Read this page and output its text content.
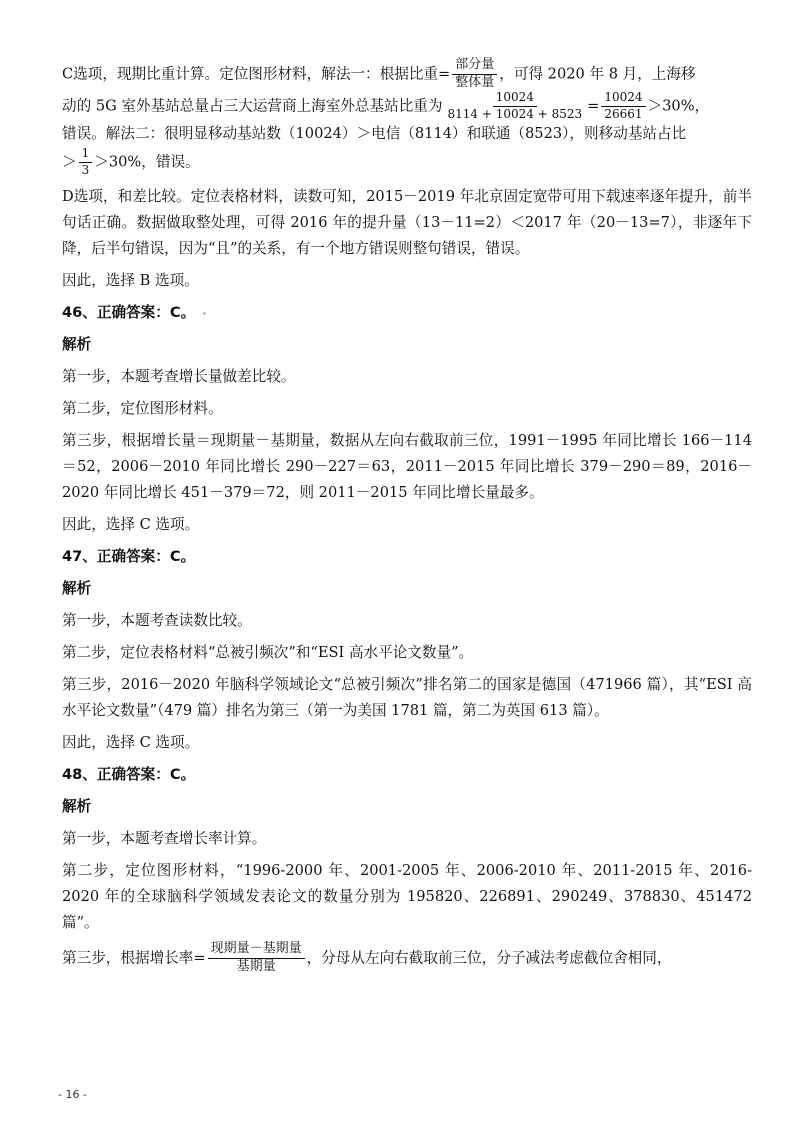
C选项，现期比重计算。定位图形材料，解法一：根据比重= $\frac{\text{部分量}}{\text{整体量}}$ ，可得 2020 年 8 月，上海移
动的 5G 室外基站总量占三大运营商上海室外总基站比重为 $\frac{10024}{8114 + 10024 + 8523} = \frac{10024}{26661} >30\%$，
错误。解法二：很明显移动基站数（10024）＞电信（8114）和联通（8523），则移动基站占比
＞ $\frac{1}{3} >30\%$，错误。

D选项，和差比较。定位表格材料，读数可知，2015－2019 年北京固定宽带可用下载速率逐年提升，前半句话正确。数据做取整处理，可得 2016 年的提升量（13－11=2）＜2017 年（20－13=7），非逐年下降，后半句错误，因为“且”的关系，有一个地方错误则整句错误，错误。

因此，选择 B 选项。

46、正确答案：C。

解析

第一步，本题考查增长量做差比较。

第二步，定位图形材料。

第三步，根据增长量＝现期量－基期量，数据从左向右截取前三位，1991－1995 年同比增长 166－114＝52，2006－2010 年同比增长 290－227＝63，2011－2015 年同比增长 379－290＝89，2016－2020 年同比增长 451－379＝72，则 2011－2015 年同比增长量最多。

因此，选择 C 选项。

47、正确答案：C。

解析

第一步，本题考查读数比较。

第二步，定位表格材料“总被引频次”和“ESI 高水平论文数量”。

第三步，2016－2020 年脑科学领域论文“总被引频次”排名第二的国家是德国（471966 篇），其“ESI 高水平论文数量”（479 篇）排名为第三（第一为美国 1781 篇，第二为英国 613 篇）。

因此，选择 C 选项。

48、正确答案：C。

解析

第一步，本题考查增长率计算。

第二步，定位图形材料，“1996-2000 年、2001-2005 年、2006-2010 年、2011-2015 年、2016-2020 年的全球脑科学领域发表论文的数量分别为 195820、226891、290249、378830、451472 篇”。

第三步，根据增长率= $\frac{\text{现期量－基期量}}{\text{基期量}}$ ，分母从左向右截取前三位，分子减法考虑截位舍相同，

- 16 -
